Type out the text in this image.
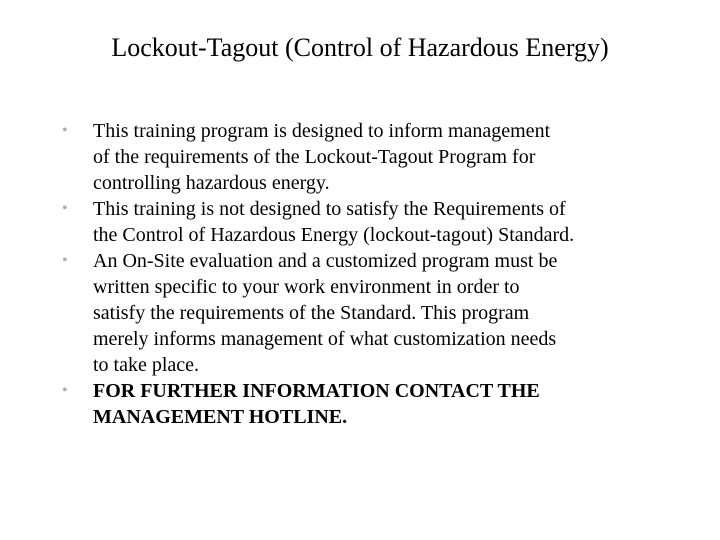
Lockout-Tagout (Control of Hazardous Energy)
•	This training program is designed to inform management
of the requirements of the Lockout-Tagout Program for
controlling hazardous energy.
•	This training is not designed to satisfy the Requirements of
the Control of Hazardous Energy (lockout-tagout) Standard.
•	An On-Site evaluation and a customized program must be
written specific to your work environment in order to
satisfy the requirements of the Standard. This program
merely informs management of what customization needs
to take place.
•	FOR FURTHER INFORMATION CONTACT THE
MANAGEMENT HOTLINE.
